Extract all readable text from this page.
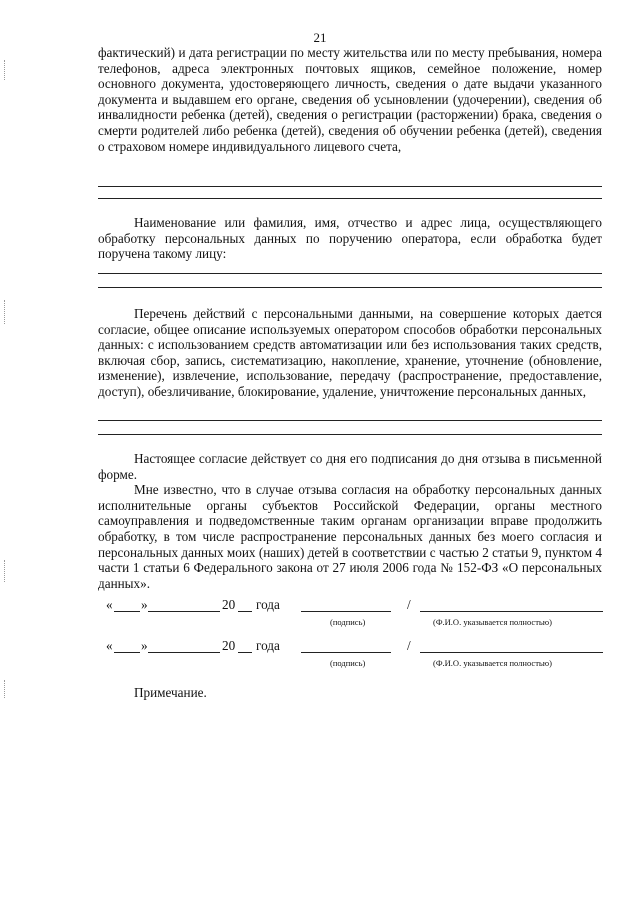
21

фактический) и дата регистрации по месту жительства или по месту пребывания, номера телефонов, адреса электронных почтовых ящиков, семейное положение, номер основного документа, удостоверяющего личность, сведения о дате выдачи указанного документа и выдавшем его органе, сведения об усыновлении (удочерении), сведения об инвалидности ребенка (детей), сведения о регистрации (расторжении) брака, сведения о смерти родителей либо ребенка (детей), сведения об обучении ребенка (детей), сведения о страховом номере индивидуального лицевого счета,

Наименование или фамилия, имя, отчество и адрес лица, осуществляющего обработку персональных данных по поручению оператора, если обработка будет поручена такому лицу:

Перечень действий с персональными данными, на совершение которых дается согласие, общее описание используемых оператором способов обработки персональных данных: с использованием средств автоматизации или без использования таких средств, включая сбор, запись, систематизацию, накопление, хранение, уточнение (обновление, изменение), извлечение, использование, передачу (распространение, предоставление, доступ), обезличивание, блокирование, удаление, уничтожение персональных данных,

Настоящее согласие действует со дня его подписания до дня отзыва в письменной форме.

Мне известно, что в случае отзыва согласия на обработку персональных данных исполнительные органы субъектов Российской Федерации, органы местного самоуправления и подведомственные таким органам организации вправе продолжить обработку, в том числе распространение персональных данных без моего согласия и персональных данных моих (наших) детей в соответствии с частью 2 статьи 9, пунктом 4 части 1 статьи 6 Федерального закона от 27 июля 2006 года № 152-ФЗ «О персональных данных».

« »	20 года	/
(подпись)	(Ф.И.О. указывается полностью)
« »	20 года	/
(подпись)	(Ф.И.О. указывается полностью)
Примечание.
